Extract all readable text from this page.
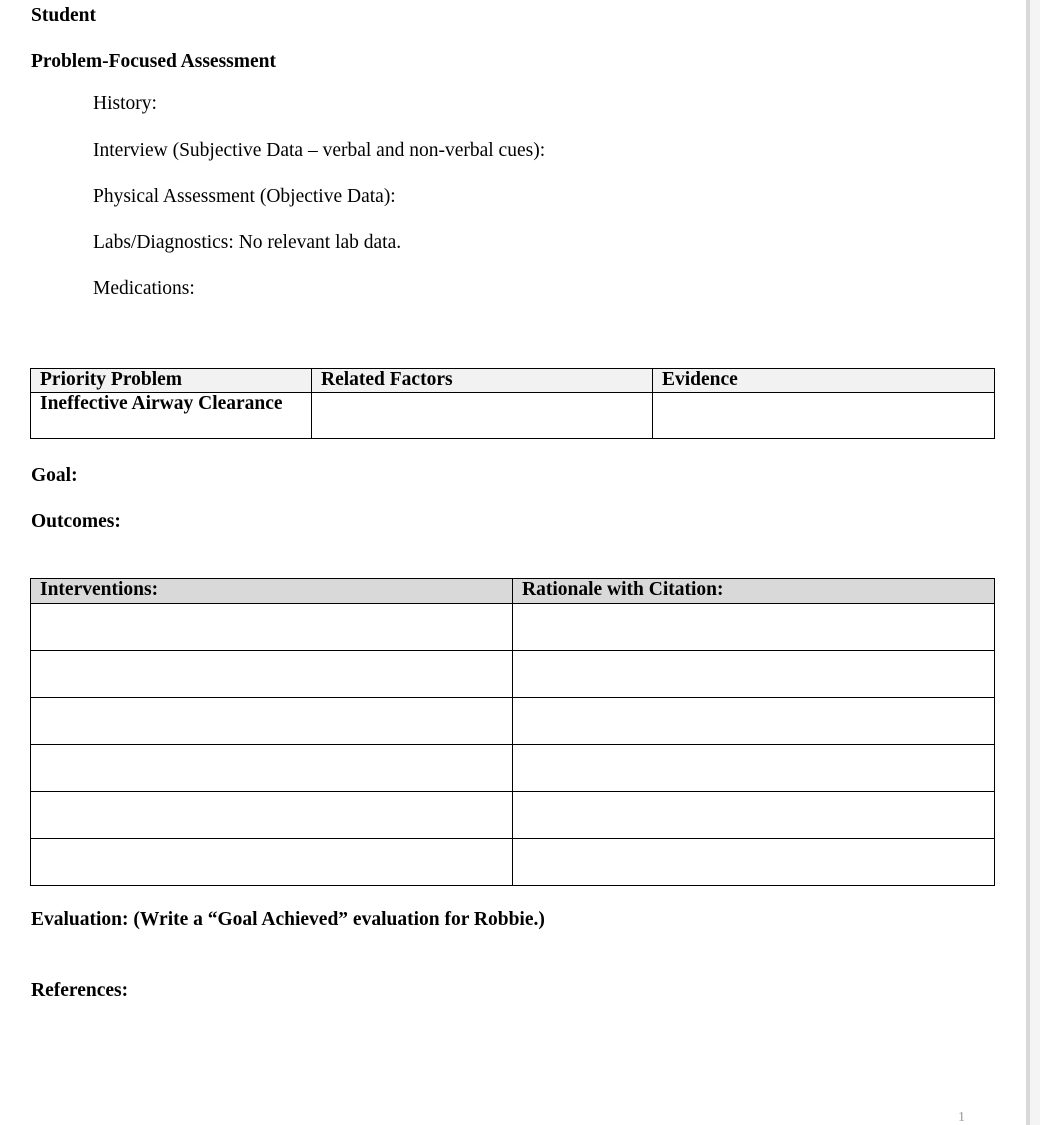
Student
Problem-Focused Assessment
History:
Interview (Subjective Data – verbal and non-verbal cues):
Physical Assessment (Objective Data):
Labs/Diagnostics: No relevant lab data.
Medications:
Priority Problem	Related Factors	Evidence
Ineffective Airway Clearance		
Goal:
Outcomes:
Interventions:	Rationale with Citation:

Evaluation: (Write a “Goal Achieved” evaluation for Robbie.)
References:
1
